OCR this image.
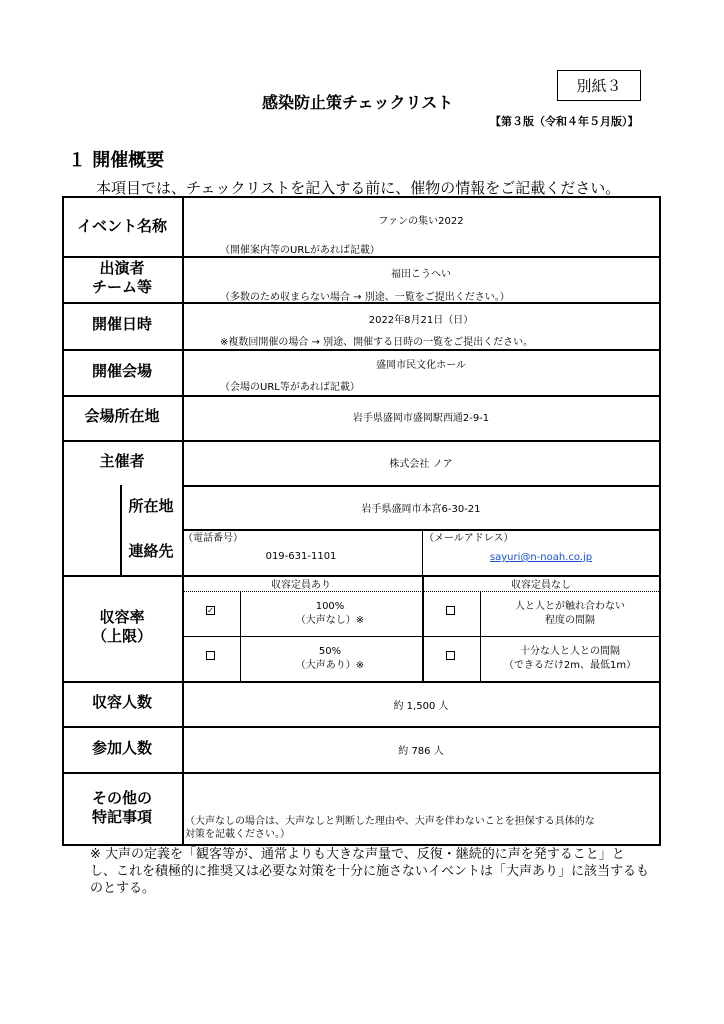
別紙３
感染防止策チェックリスト
【第３版（令和４年５月版）】
１ 開催概要
本項目では、チェックリストを記入する前に、催物の情報をご記載ください。
イベント名称
出演者
チーム等
開催日時
開催会場
会場所在地
主催者
所在地
連絡先
収容率
（上限）
収容人数
参加人数
その他の
特記事項
ファンの集い2022
（開催案内等のURLがあれば記載）
福田こうへい
（多数のため収まらない場合 → 別途、一覧をご提出ください。）
2022年8月21日（日）
※複数回開催の場合 → 別途、開催する日時の一覧をご提出ください。
盛岡市民文化ホール
（会場のURL等があれば記載）
岩手県盛岡市盛岡駅西通2-9-1
株式会社 ノア
岩手県盛岡市本宮6-30-21
（電話番号）
019-631-1101
（メールアドレス）
sayuri@n-noah.co.jp
収容定員あり	収容定員なし
✓	100%
（大声なし）※
50%
（大声あり）※
人と人とが触れ合わない
程度の間隔
十分な人と人との間隔
（できるだけ2m、最低1m）
約 1,500 人
約 786 人
（大声なしの場合は、大声なしと判断した理由や、大声を伴わないことを担保する具体的な
対策を記載ください。）
※ 大声の定義を「観客等が、通常よりも大きな声量で、反復・継続的に声を発すること」とし、これを積極的に推奨又は必要な対策を十分に施さないイベントは「大声あり」に該当するものとする。
